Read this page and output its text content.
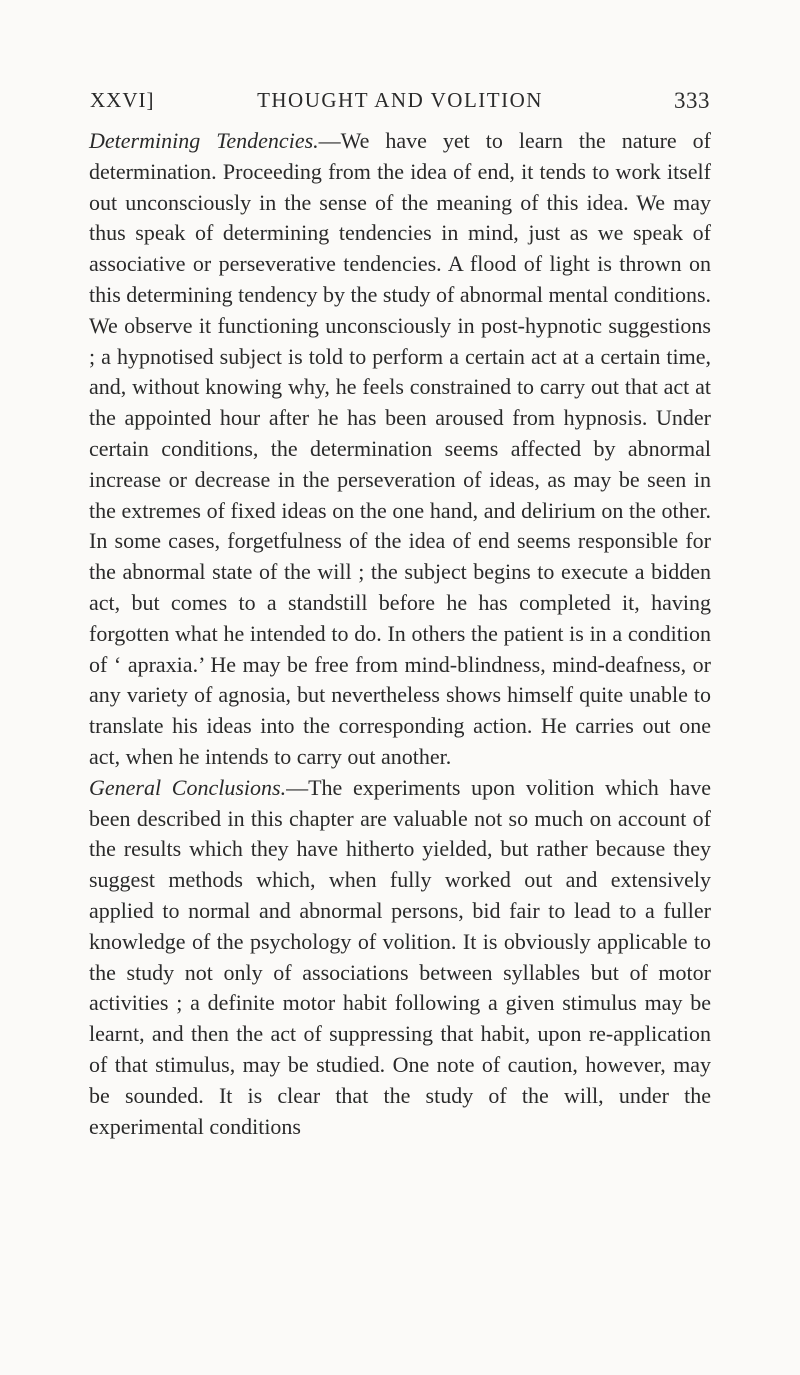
XXVI]	THOUGHT AND VOLITION	333

Determining Tendencies.—We have yet to learn the nature of determination. Proceeding from the idea of end, it tends to work itself out unconsciously in the sense of the meaning of this idea. We may thus speak of determining tendencies in mind, just as we speak of associative or perseverative tendencies. A flood of light is thrown on this determining tendency by the study of abnormal mental conditions. We observe it functioning unconsciously in post-hypnotic suggestions ; a hypnotised subject is told to perform a certain act at a certain time, and, without knowing why, he feels constrained to carry out that act at the appointed hour after he has been aroused from hypnosis. Under certain conditions, the determination seems affected by abnormal increase or decrease in the perseveration of ideas, as may be seen in the extremes of fixed ideas on the one hand, and delirium on the other. In some cases, forgetfulness of the idea of end seems responsible for the abnormal state of the will ; the subject begins to execute a bidden act, but comes to a standstill before he has completed it, having forgotten what he intended to do. In others the patient is in a condition of ‘ apraxia.’ He may be free from mind-blindness, mind-deafness, or any variety of agnosia, but nevertheless shows himself quite unable to translate his ideas into the corresponding action. He carries out one act, when he intends to carry out another.

General Conclusions.—The experiments upon volition which have been described in this chapter are valuable not so much on account of the results which they have hitherto yielded, but rather because they suggest methods which, when fully worked out and extensively applied to normal and abnormal persons, bid fair to lead to a fuller knowledge of the psychology of volition. It is obviously applicable to the study not only of associations between syllables but of motor activities ; a definite motor habit following a given stimulus may be learnt, and then the act of suppressing that habit, upon re-application of that stimulus, may be studied. One note of caution, however, may be sounded. It is clear that the study of the will, under the experimental conditions
